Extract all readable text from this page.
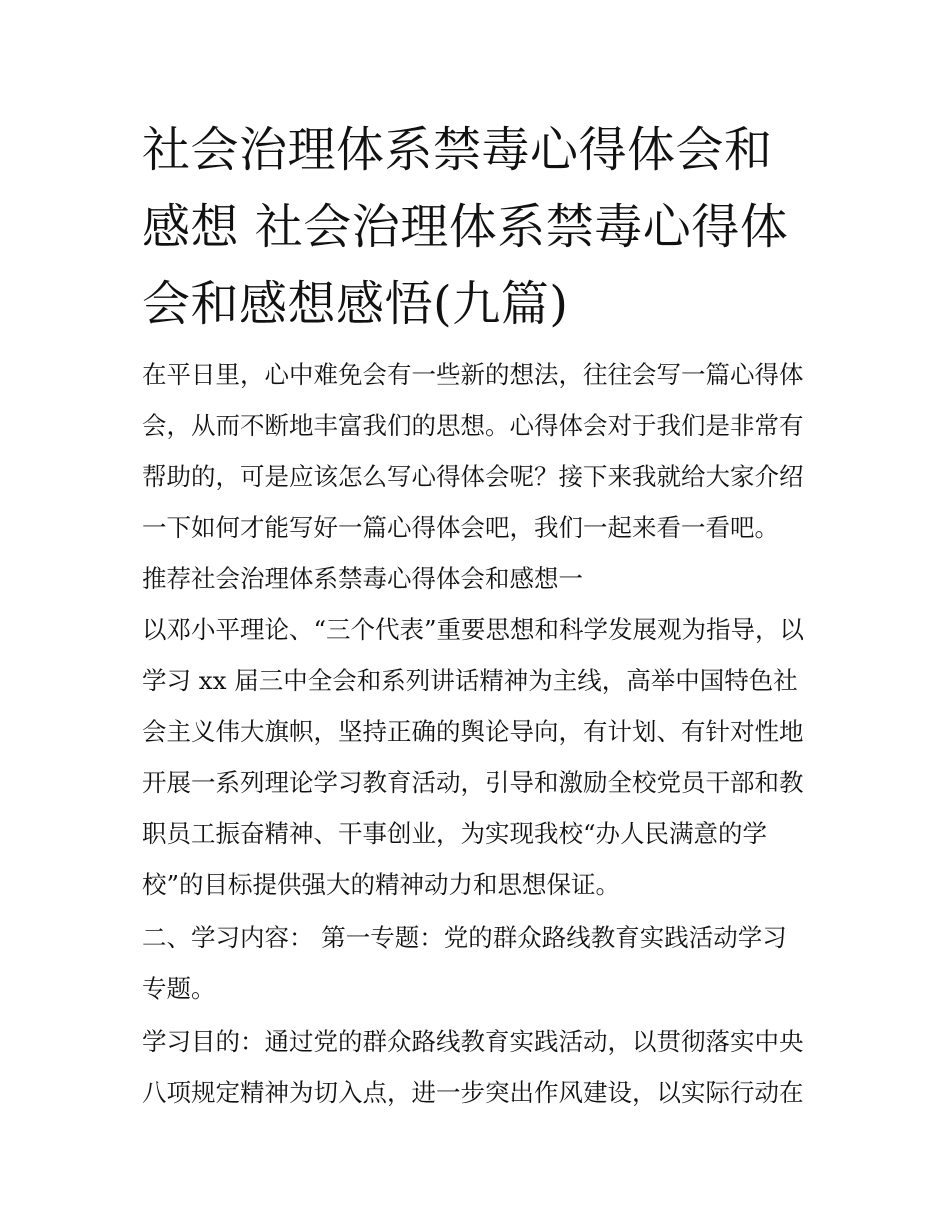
社会治理体系禁毒心得体会和
感想 社会治理体系禁毒心得体
会和感想感悟(九篇)

在平日里，心中难免会有一些新的想法，往往会写一篇心得体
会，从而不断地丰富我们的思想。心得体会对于我们是非常有
帮助的，可是应该怎么写心得体会呢？接下来我就给大家介绍
一下如何才能写好一篇心得体会吧，我们一起来看一看吧。

推荐社会治理体系禁毒心得体会和感想一

以邓小平理论、“三个代表”重要思想和科学发展观为指导，以
学习 xx 届三中全会和系列讲话精神为主线，高举中国特色社
会主义伟大旗帜，坚持正确的舆论导向，有计划、有针对性地
开展一系列理论学习教育活动，引导和激励全校党员干部和教
职员工振奋精神、干事创业，为实现我校“办人民满意的学
校”的目标提供强大的精神动力和思想保证。

二、学习内容： 第一专题：党的群众路线教育实践活动学习
专题。

学习目的：通过党的群众路线教育实践活动，以贯彻落实中央
八项规定精神为切入点，进一步突出作风建设，以实际行动在
